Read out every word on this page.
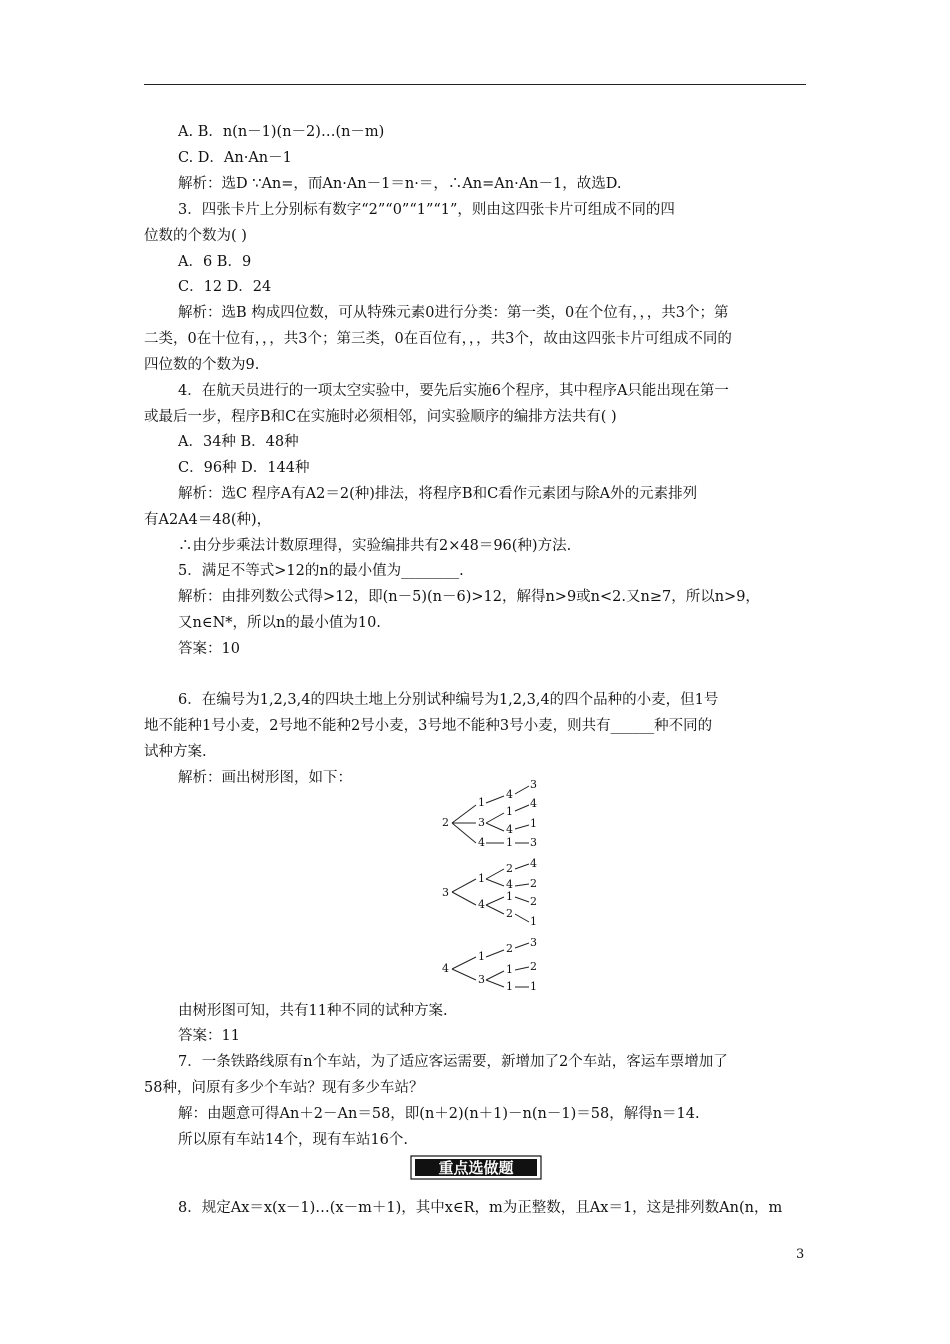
A. B．n(n－1)(n－2)…(n－m)
C. D．An·An－1
解析：选D ∵An=，而An·An－1＝n·＝，∴An=An·An－1，故选D.
3．四张卡片上分别标有数字“2”“0”“1”“1”，则由这四张卡片可组成不同的四
位数的个数为( )
A．6 B．9
C．12 D．24
解析：选B 构成四位数，可从特殊元素0进行分类：第一类，0在个位有，，，共3个；第
二类，0在十位有，，，共3个；第三类，0在百位有，，，共3个，故由这四张卡片可组成不同的
四位数的个数为9.
4．在航天员进行的一项太空实验中，要先后实施6个程序，其中程序A只能出现在第一
或最后一步，程序B和C在实施时必须相邻，问实验顺序的编排方法共有( )
A．34种 B．48种
C．96种 D．144种
解析：选C 程序A有A2＝2(种)排法，将程序B和C看作元素团与除A外的元素排列
有A2A4＝48(种)，
∴由分步乘法计数原理得，实验编排共有2×48＝96(种)方法.
5．满足不等式>12的n的最小值为________.
解析：由排列数公式得>12，即(n－5)(n－6)>12，解得n>9或n<2.又n≥7，所以n>9，
又n∈N*，所以n的最小值为10.
答案：10
6．在编号为1,2,3,4的四块土地上分别试种编号为1,2,3,4的四个品种的小麦，但1号
地不能种1号小麦，2号地不能种2号小麦，3号地不能种3号小麦，则共有______种不同的
试种方案.
解析：画出树形图，如下：
2
1
3
4
4
3
1
4
4
1
1 3
3
1
4
2
4
4
2
1
2
2
1
4
1
3
2 3
1
1
2
1
由树形图可知，共有11种不同的试种方案.
答案：11
7．一条铁路线原有n个车站，为了适应客运需要，新增加了2个车站，客运车票增加了
58种，问原有多少个车站？现有多少车站？
解：由题意可得An＋2－An＝58，即(n＋2)(n＋1)－n(n－1)＝58，解得n＝14.
所以原有车站14个，现有车站16个.
重点选做题
8．规定Ax＝x(x－1)…(x－m＋1)，其中x∈R，m为正整数，且Ax＝1，这是排列数An(n，m
3
